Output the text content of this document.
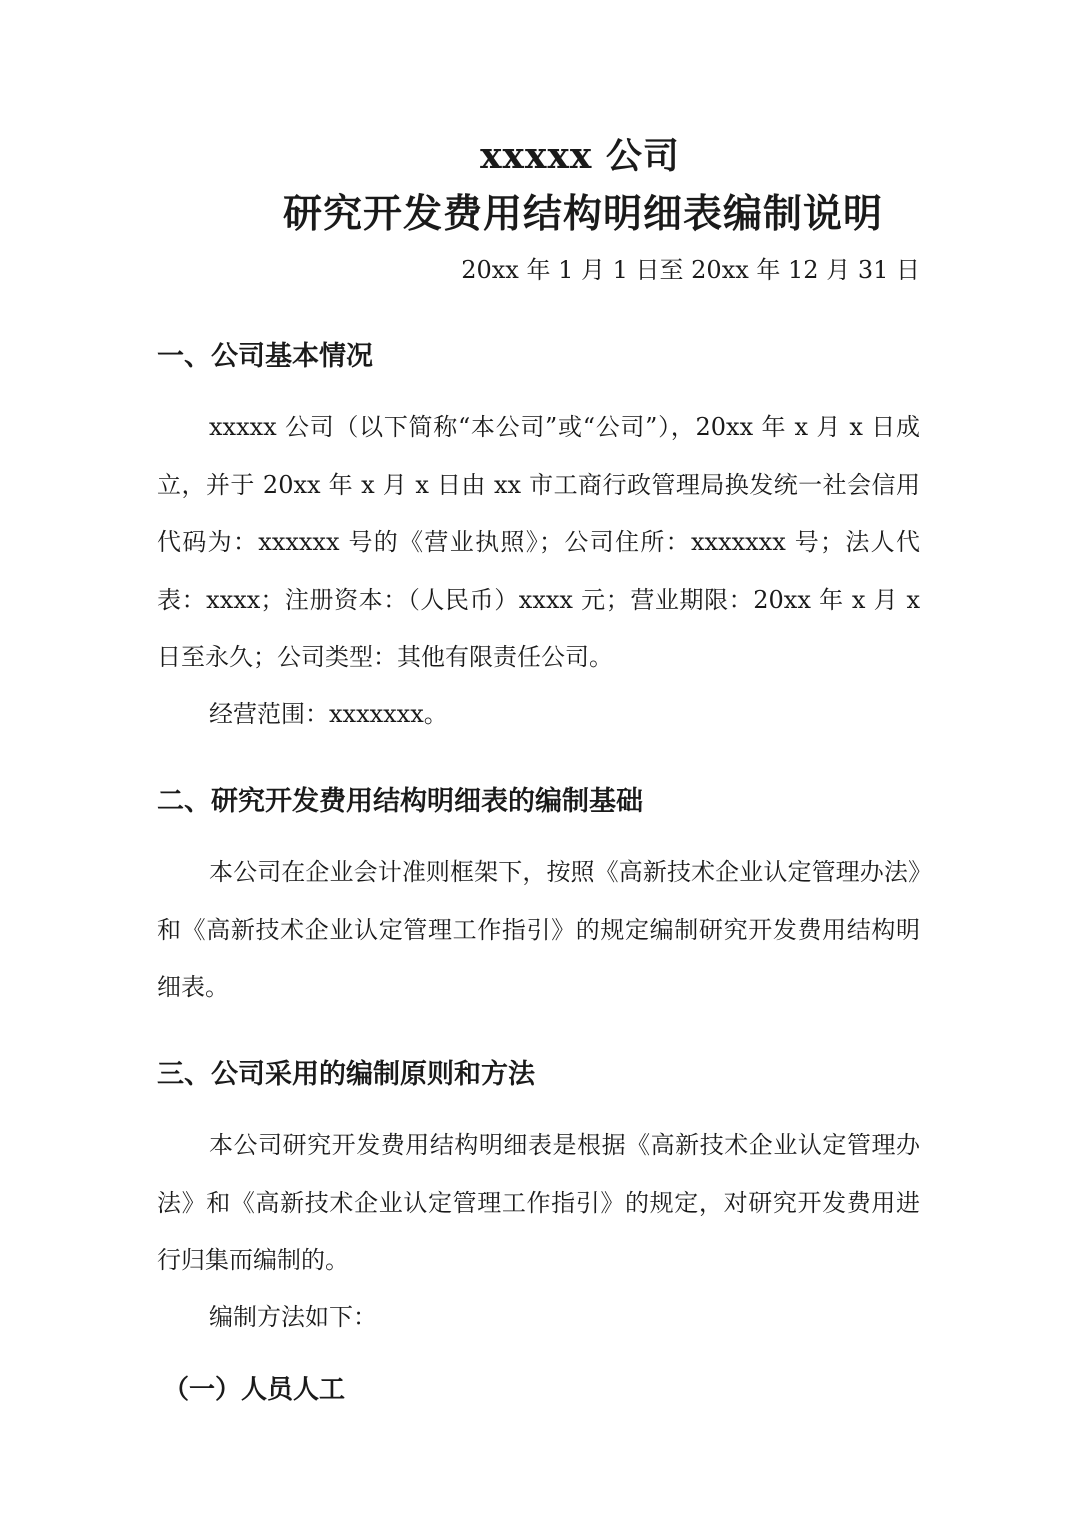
xxxxx 公司
研究开发费用结构明细表编制说明
20xx 年 1 月 1 日至 20xx 年 12 月 31 日
一、公司基本情况

xxxxx 公司（以下简称“本公司”或“公司”），20xx 年 x 月 x 日成立，并于 20xx 年 x 月 x 日由 xx 市工商行政管理局换发统一社会信用代码为：xxxxxx 号的《营业执照》；公司住所：xxxxxxx 号；法人代表：xxxx；注册资本：（人民币）xxxx 元；营业期限：20xx 年 x 月 x 日至永久；公司类型：其他有限责任公司。

经营范围：xxxxxxx。

二、研究开发费用结构明细表的编制基础

本公司在企业会计准则框架下，按照《高新技术企业认定管理办法》和《高新技术企业认定管理工作指引》的规定编制研究开发费用结构明细表。

三、公司采用的编制原则和方法

本公司研究开发费用结构明细表是根据《高新技术企业认定管理办法》和《高新技术企业认定管理工作指引》的规定，对研究开发费用进行归集而编制的。

编制方法如下：

（一）人员人工
